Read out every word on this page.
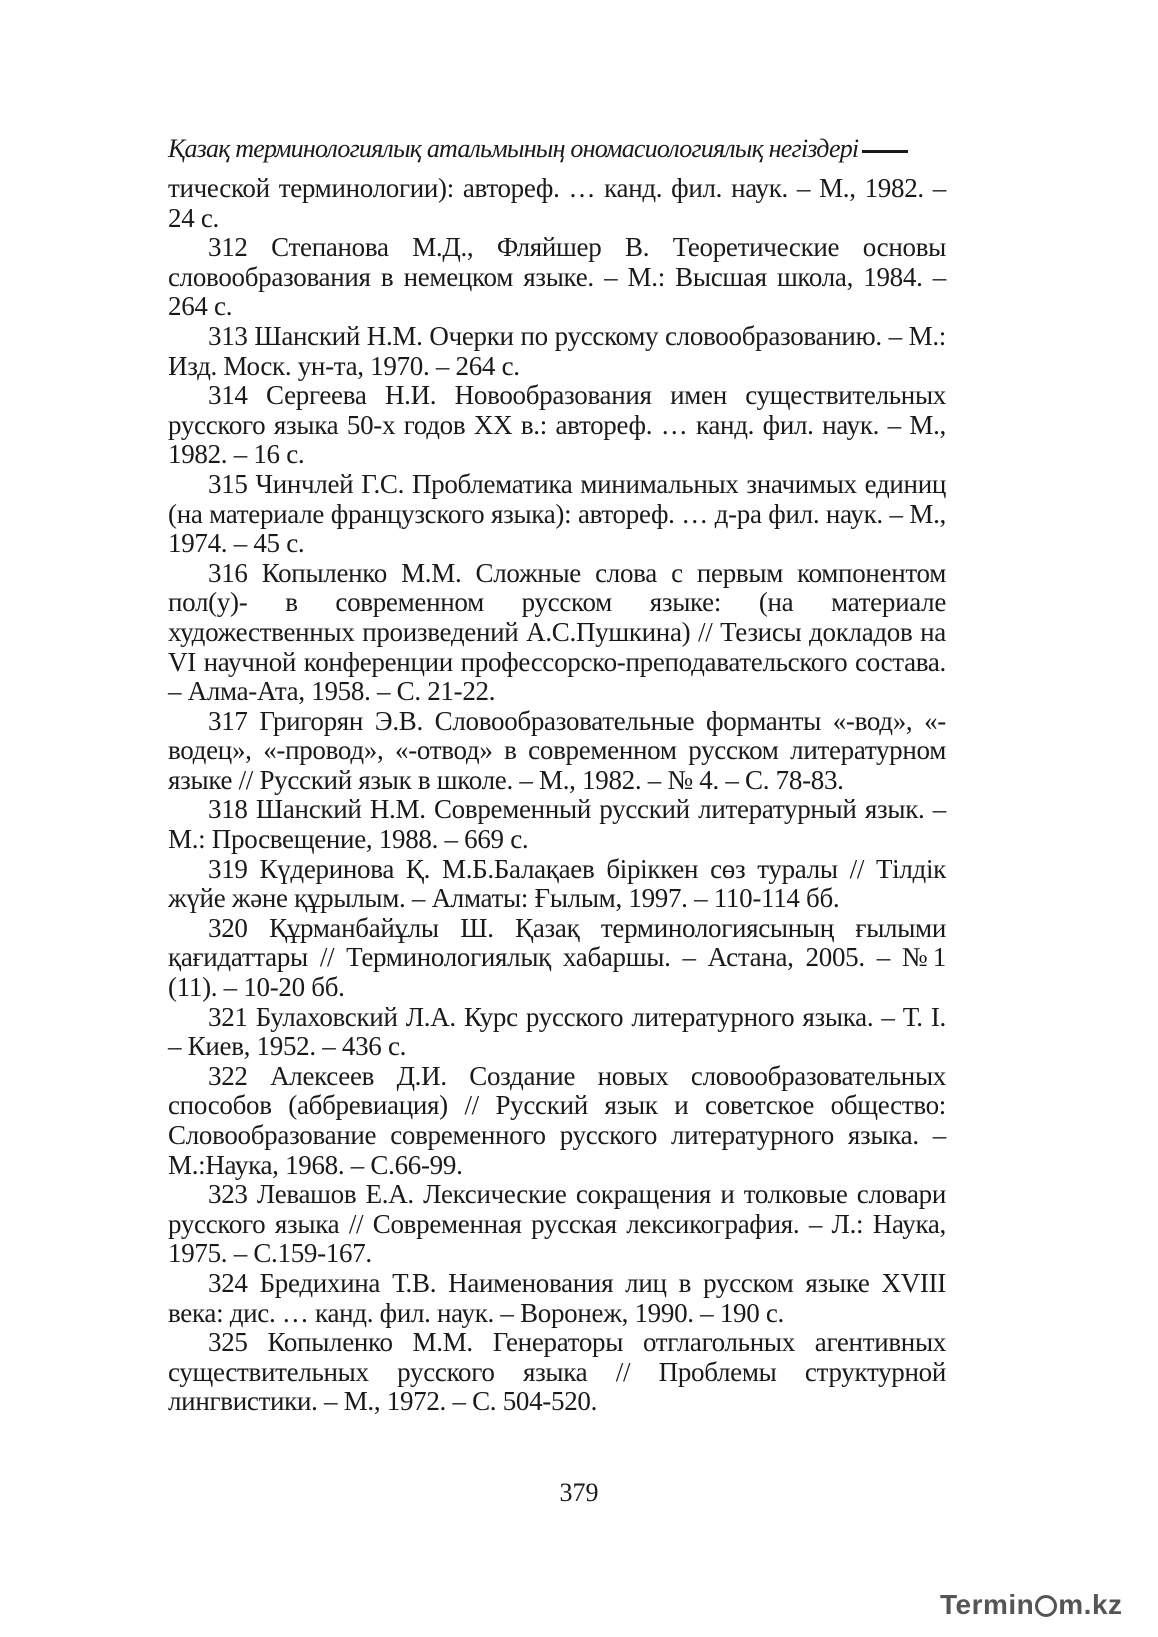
Қазақ терминологиялық атальмының ономасиологиялық негіздері

тической терминологии): автореф. … канд. фил. наук. – М., 1982. – 24 с.

312 Степанова М.Д., Фляйшер В. Теоретические основы словообразования в немецком языке. – М.: Высшая школа, 1984. – 264 с.

313 Шанский Н.М. Очерки по русскому словообразованию. – М.: Изд. Моск. ун-та, 1970. – 264 с.

314 Сергеева Н.И. Новообразования имен существительных русского языка 50-х годов XX в.: автореф. … канд. фил. наук. – М., 1982. – 16 с.

315 Чинчлей Г.С. Проблематика минимальных значимых единиц (на материале французского языка): автореф. … д-ра фил. наук. – М., 1974. – 45 с.

316 Копыленко М.М. Сложные слова с первым компонентом пол(у)- в современном русском языке: (на материале художественных произведений А.С.Пушкина) // Тезисы докладов на VI научной конференции профессорско-преподавательского состава. – Алма-Ата, 1958. – С. 21-22.

317 Григорян Э.В. Словообразовательные форманты «-вод», «-водец», «-провод», «-отвод» в современном русском литературном языке // Русский язык в школе. – М., 1982. – № 4. – С. 78-83.

318 Шанский Н.М. Современный русский литературный язык. – М.: Просвещение, 1988. – 669 с.

319 Күдеринова Қ. М.Б.Балақаев біріккен сөз туралы // Тілдік жүйе және құрылым. – Алматы: Ғылым, 1997. – 110-114 бб.

320 Құрманбайұлы Ш. Қазақ терминологиясының ғылыми қағидаттары // Терминологиялық хабаршы. – Астана, 2005. – №1 (11). – 10-20 бб.

321 Булаховский Л.А. Курс русского литературного языка. – Т. I. – Киев, 1952. – 436 с.

322 Алексеев Д.И. Создание новых словообразовательных способов (аббревиация) // Русский язык и советское общество: Словообразование современного русского литературного языка. – М.:Наука, 1968. – С.66-99.

323 Левашов Е.А. Лексические сокращения и толковые словари русского языка // Современная русская лексикография. – Л.: Наука, 1975. – С.159-167.

324 Бредихина Т.В. Наименования лиц в русском языке XVIII века: дис. … канд. фил. наук. – Воронеж, 1990. – 190 с.

325 Копыленко М.М. Генераторы отглагольных агентивных существительных русского языка // Проблемы структурной лингвистики. – М., 1972. – С. 504-520.

379
Termin m.kz
